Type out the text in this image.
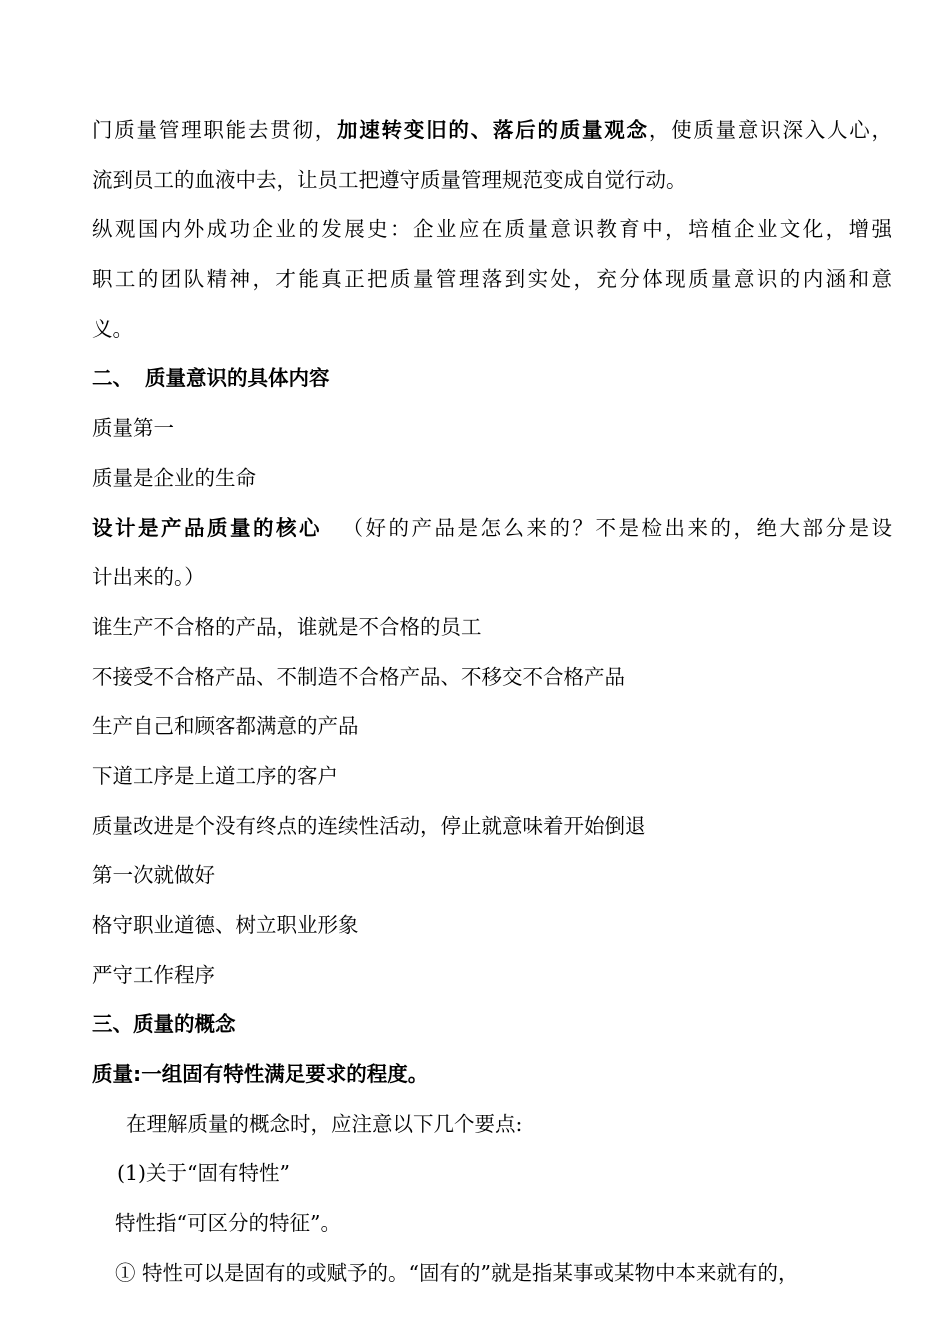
门质量管理职能去贯彻，加速转变旧的、落后的质量观念，使质量意识深入人心，
流到员工的血液中去，让员工把遵守质量管理规范变成自觉行动。
纵观国内外成功企业的发展史：企业应在质量意识教育中，培植企业文化，增强
职工的团队精神，才能真正把质量管理落到实处，充分体现质量意识的内涵和意
义。
二、 质量意识的具体内容
质量第一
质量是企业的生命
设计是产品质量的核心 （好的产品是怎么来的？不是检出来的，绝大部分是设
计出来的。）
谁生产不合格的产品，谁就是不合格的员工
不接受不合格产品、不制造不合格产品、不移交不合格产品
生产自己和顾客都满意的产品
下道工序是上道工序的客户
质量改进是个没有终点的连续性活动，停止就意味着开始倒退
第一次就做好
格守职业道德、树立职业形象
严守工作程序
三、质量的概念
质量:一组固有特性满足要求的程度。
在理解质量的概念时，应注意以下几个要点:
(1)关于“固有特性”
特性指“可区分的特征”。
① 特性可以是固有的或赋予的。“固有的”就是指某事或某物中本来就有的，
